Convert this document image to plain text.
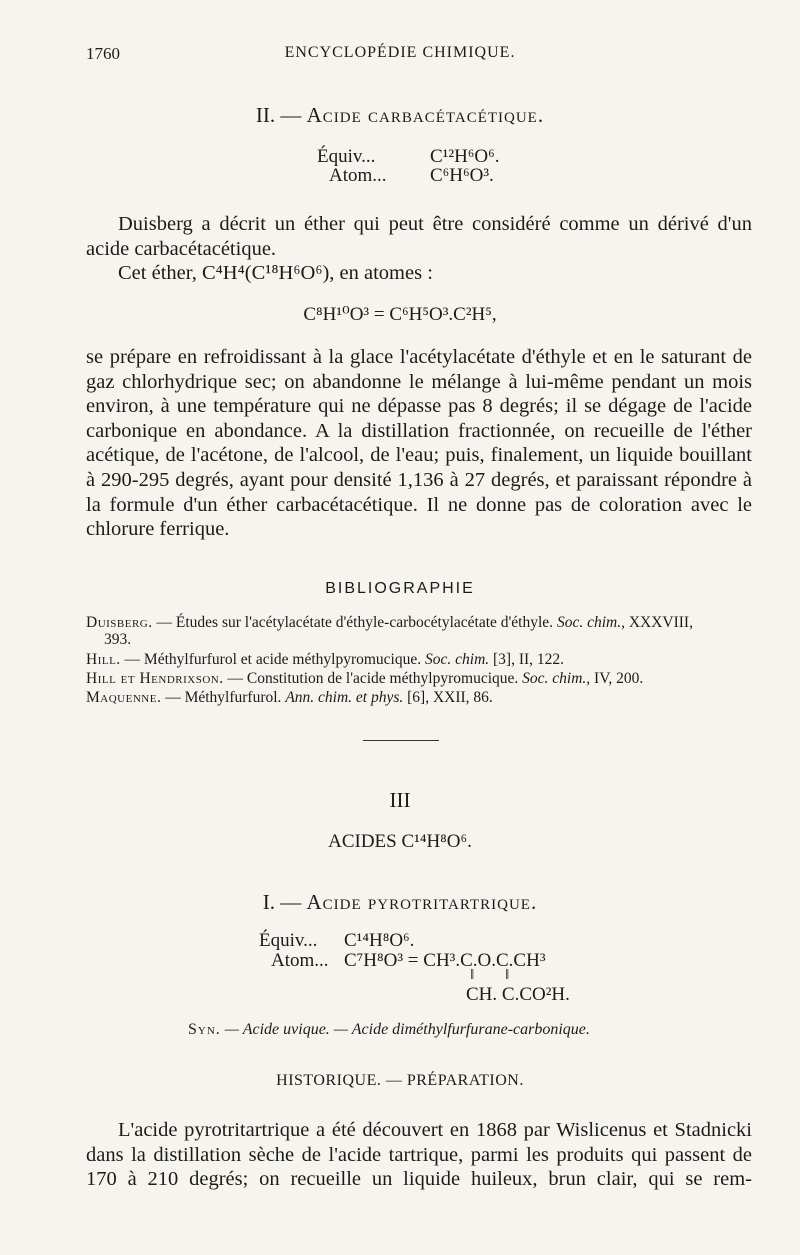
1760	ENCYCLOPÉDIE CHIMIQUE.
II. — Acide carbacétacétique.
Équiv...	C¹²H⁶O⁶.
Atom... C⁶H⁶O³.

Duisberg a décrit un éther qui peut être considéré comme un dérivé d'un acide carbacétacétique.

Cet éther, C⁴H⁴(C¹⁸H⁶O⁶), en atomes :

C⁸H¹⁰O³ = C⁶H⁵O³.C²H⁵,

se prépare en refroidissant à la glace l'acétylacétate d'éthyle et en le saturant de gaz chlorhydrique sec; on abandonne le mélange à lui-même pendant un mois environ, à une température qui ne dépasse pas 8 degrés; il se dégage de l'acide carbonique en abondance. A la distillation fractionnée, on recueille de l'éther acétique, de l'acétone, de l'alcool, de l'eau; puis, finalement, un liquide bouillant à 290-295 degrés, ayant pour densité 1,136 à 27 degrés, et paraissant répondre à la formule d'un éther carbacétacétique. Il ne donne pas de coloration avec le chlorure ferrique.

BIBLIOGRAPHIE
Duisberg. — Études sur l'acétylacétate d'éthyle-carbocétylacétate d'éthyle. Soc. chim., XXXVIII,
393.
Hill. — Méthylfurfurol et acide méthylpyromucique. Soc. chim. [3], II, 122.
Hill et Hendrixson. — Constitution de l'acide méthylpyromucique. Soc. chim., IV, 200.
Maquenne. — Méthylfurfurol. Ann. chim. et phys. [6], XXII, 86.
III
ACIDES C¹⁴H⁸O⁶.
I. — Acide pyrotritartrique.
Équiv... C¹⁴H⁸O⁶.
Atom... C⁷H⁸O³ = CH³.C.O.C.CH³
‖ ‖
CH. C.CO²H.
Syn. — Acide uvique. — Acide diméthylfurfurane-carbonique.
HISTORIQUE. — PRÉPARATION.

L'acide pyrotritartrique a été découvert en 1868 par Wislicenus et Stadnicki dans la distillation sèche de l'acide tartrique, parmi les produits qui passent de 170 à 210 degrés; on recueille un liquide huileux, brun clair, qui se rem-
